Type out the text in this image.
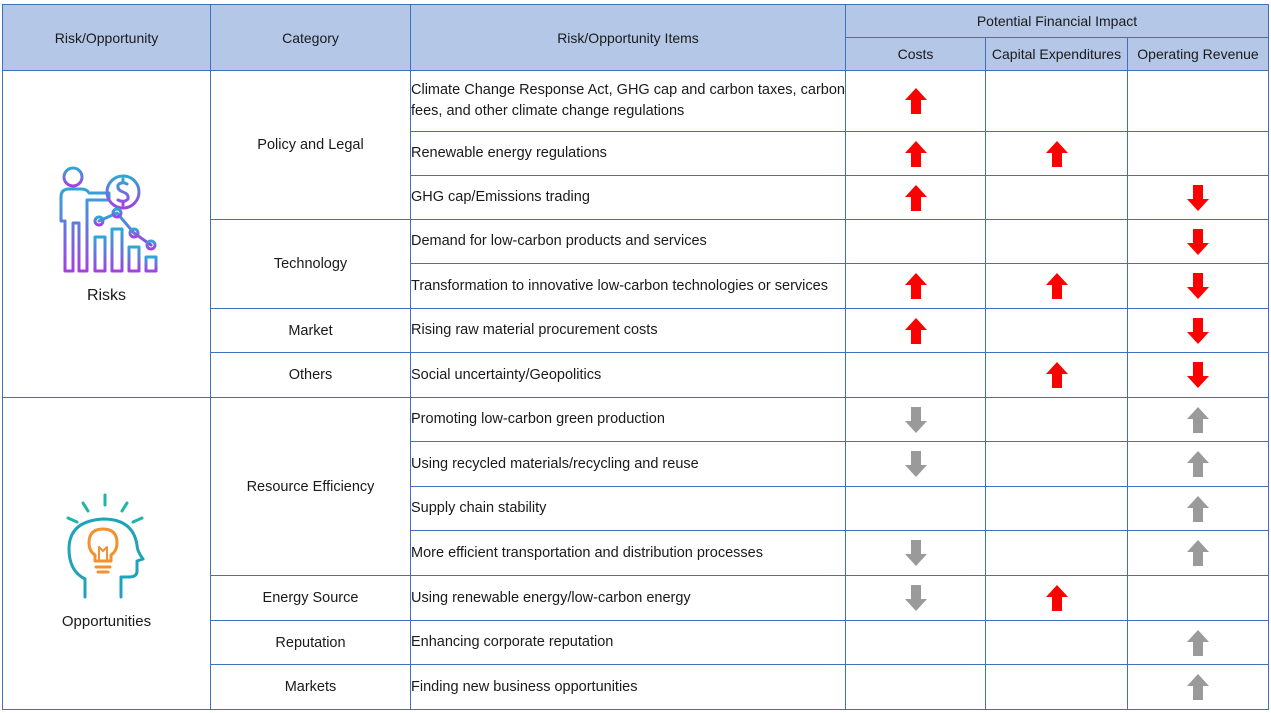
Risk/Opportunity	Category	Risk/Opportunity Items	Potential Financial Impact		
			Costs	Capital Expenditures	Operating Revenue

Risks	Policy and Legal	Climate Change Response Act, GHG cap and carbon taxes, carbon fees, and other climate change regulations	

		Renewable energy regulations	

		GHG cap/Emissions trading	

	Technology	Demand for low-carbon products and services			

		Transformation to innovative low-carbon technologies or services	

	Market	Rising raw material procurement costs	

	Others	Social uncertainty/Geopolitics		

Opportunities	Resource Efficiency	Promoting low-carbon green production	

		Using recycled materials/recycling and reuse	

		Supply chain stability			

		More efficient transportation and distribution processes	

	Energy Source	Using renewable energy/low-carbon energy	

	Reputation	Enhancing corporate reputation			

	Markets	Finding new business opportunities			
